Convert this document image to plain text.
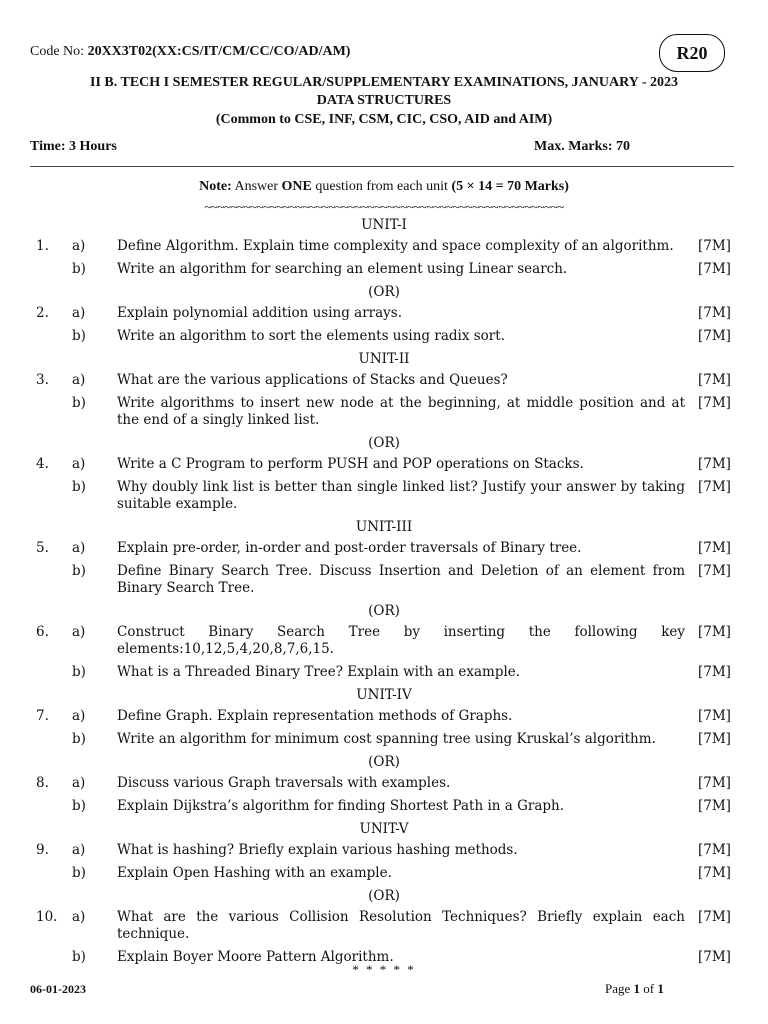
Code No: 20XX3T02(XX:CS/IT/CM/CC/CO/AD/AM)	R20
II B. TECH I SEMESTER REGULAR/SUPPLEMENTARY EXAMINATIONS, JANUARY - 2023
DATA STRUCTURES
(Common to CSE, INF, CSM, CIC, CSO, AID and AIM)
Time: 3 Hours	Max. Marks: 70
Note: Answer ONE question from each unit (5 × 14 = 70 Marks)
~~~~~~~~~~~~~~~~~~~~~~~~~~~~~~~~~~~~~~~~~~~~~~~~~~~~~~~
UNIT-I
1.	a) Define Algorithm. Explain time complexity and space complexity of an algorithm.	[7M]
b) Write an algorithm for searching an element using Linear search.	[7M]
(OR)
2.	a) Explain polynomial addition using arrays.	[7M]
b) Write an algorithm to sort the elements using radix sort.	[7M]
UNIT-II
3.	a) What are the various applications of Stacks and Queues?	[7M]
b) Write algorithms to insert new node at the beginning, at middle position and at the end of a singly linked list.
[7M]
(OR)
4.	a) Write a C Program to perform PUSH and POP operations on Stacks.	[7M]
b) Why doubly link list is better than single linked list? Justify your answer by taking suitable example.
[7M]
UNIT-III
5.	a) Explain pre-order, in-order and post-order traversals of Binary tree.	[7M]
b) Define Binary Search Tree. Discuss Insertion and Deletion of an element from Binary Search Tree.
[7M]
(OR)
6.	a) Construct Binary Search Tree by inserting the following key elements:10,12,5,4,20,8,7,6,15.
[7M]
b) What is a Threaded Binary Tree? Explain with an example.	[7M]
UNIT-IV
7.	a) Define Graph. Explain representation methods of Graphs.	[7M]
b) Write an algorithm for minimum cost spanning tree using Kruskal’s algorithm.	[7M]
(OR)
8.	a) Discuss various Graph traversals with examples.	[7M]
b) Explain Dijkstra’s algorithm for finding Shortest Path in a Graph.	[7M]
UNIT-V
9.	a) What is hashing? Briefly explain various hashing methods.	[7M]
b) Explain Open Hashing with an example.	[7M]
(OR)
10.	a) What are the various Collision Resolution Techniques? Briefly explain each technique.
[7M]
b) Explain Boyer Moore Pattern Algorithm.	[7M]
* * * * *
06-01-2023	Page 1 of 1
